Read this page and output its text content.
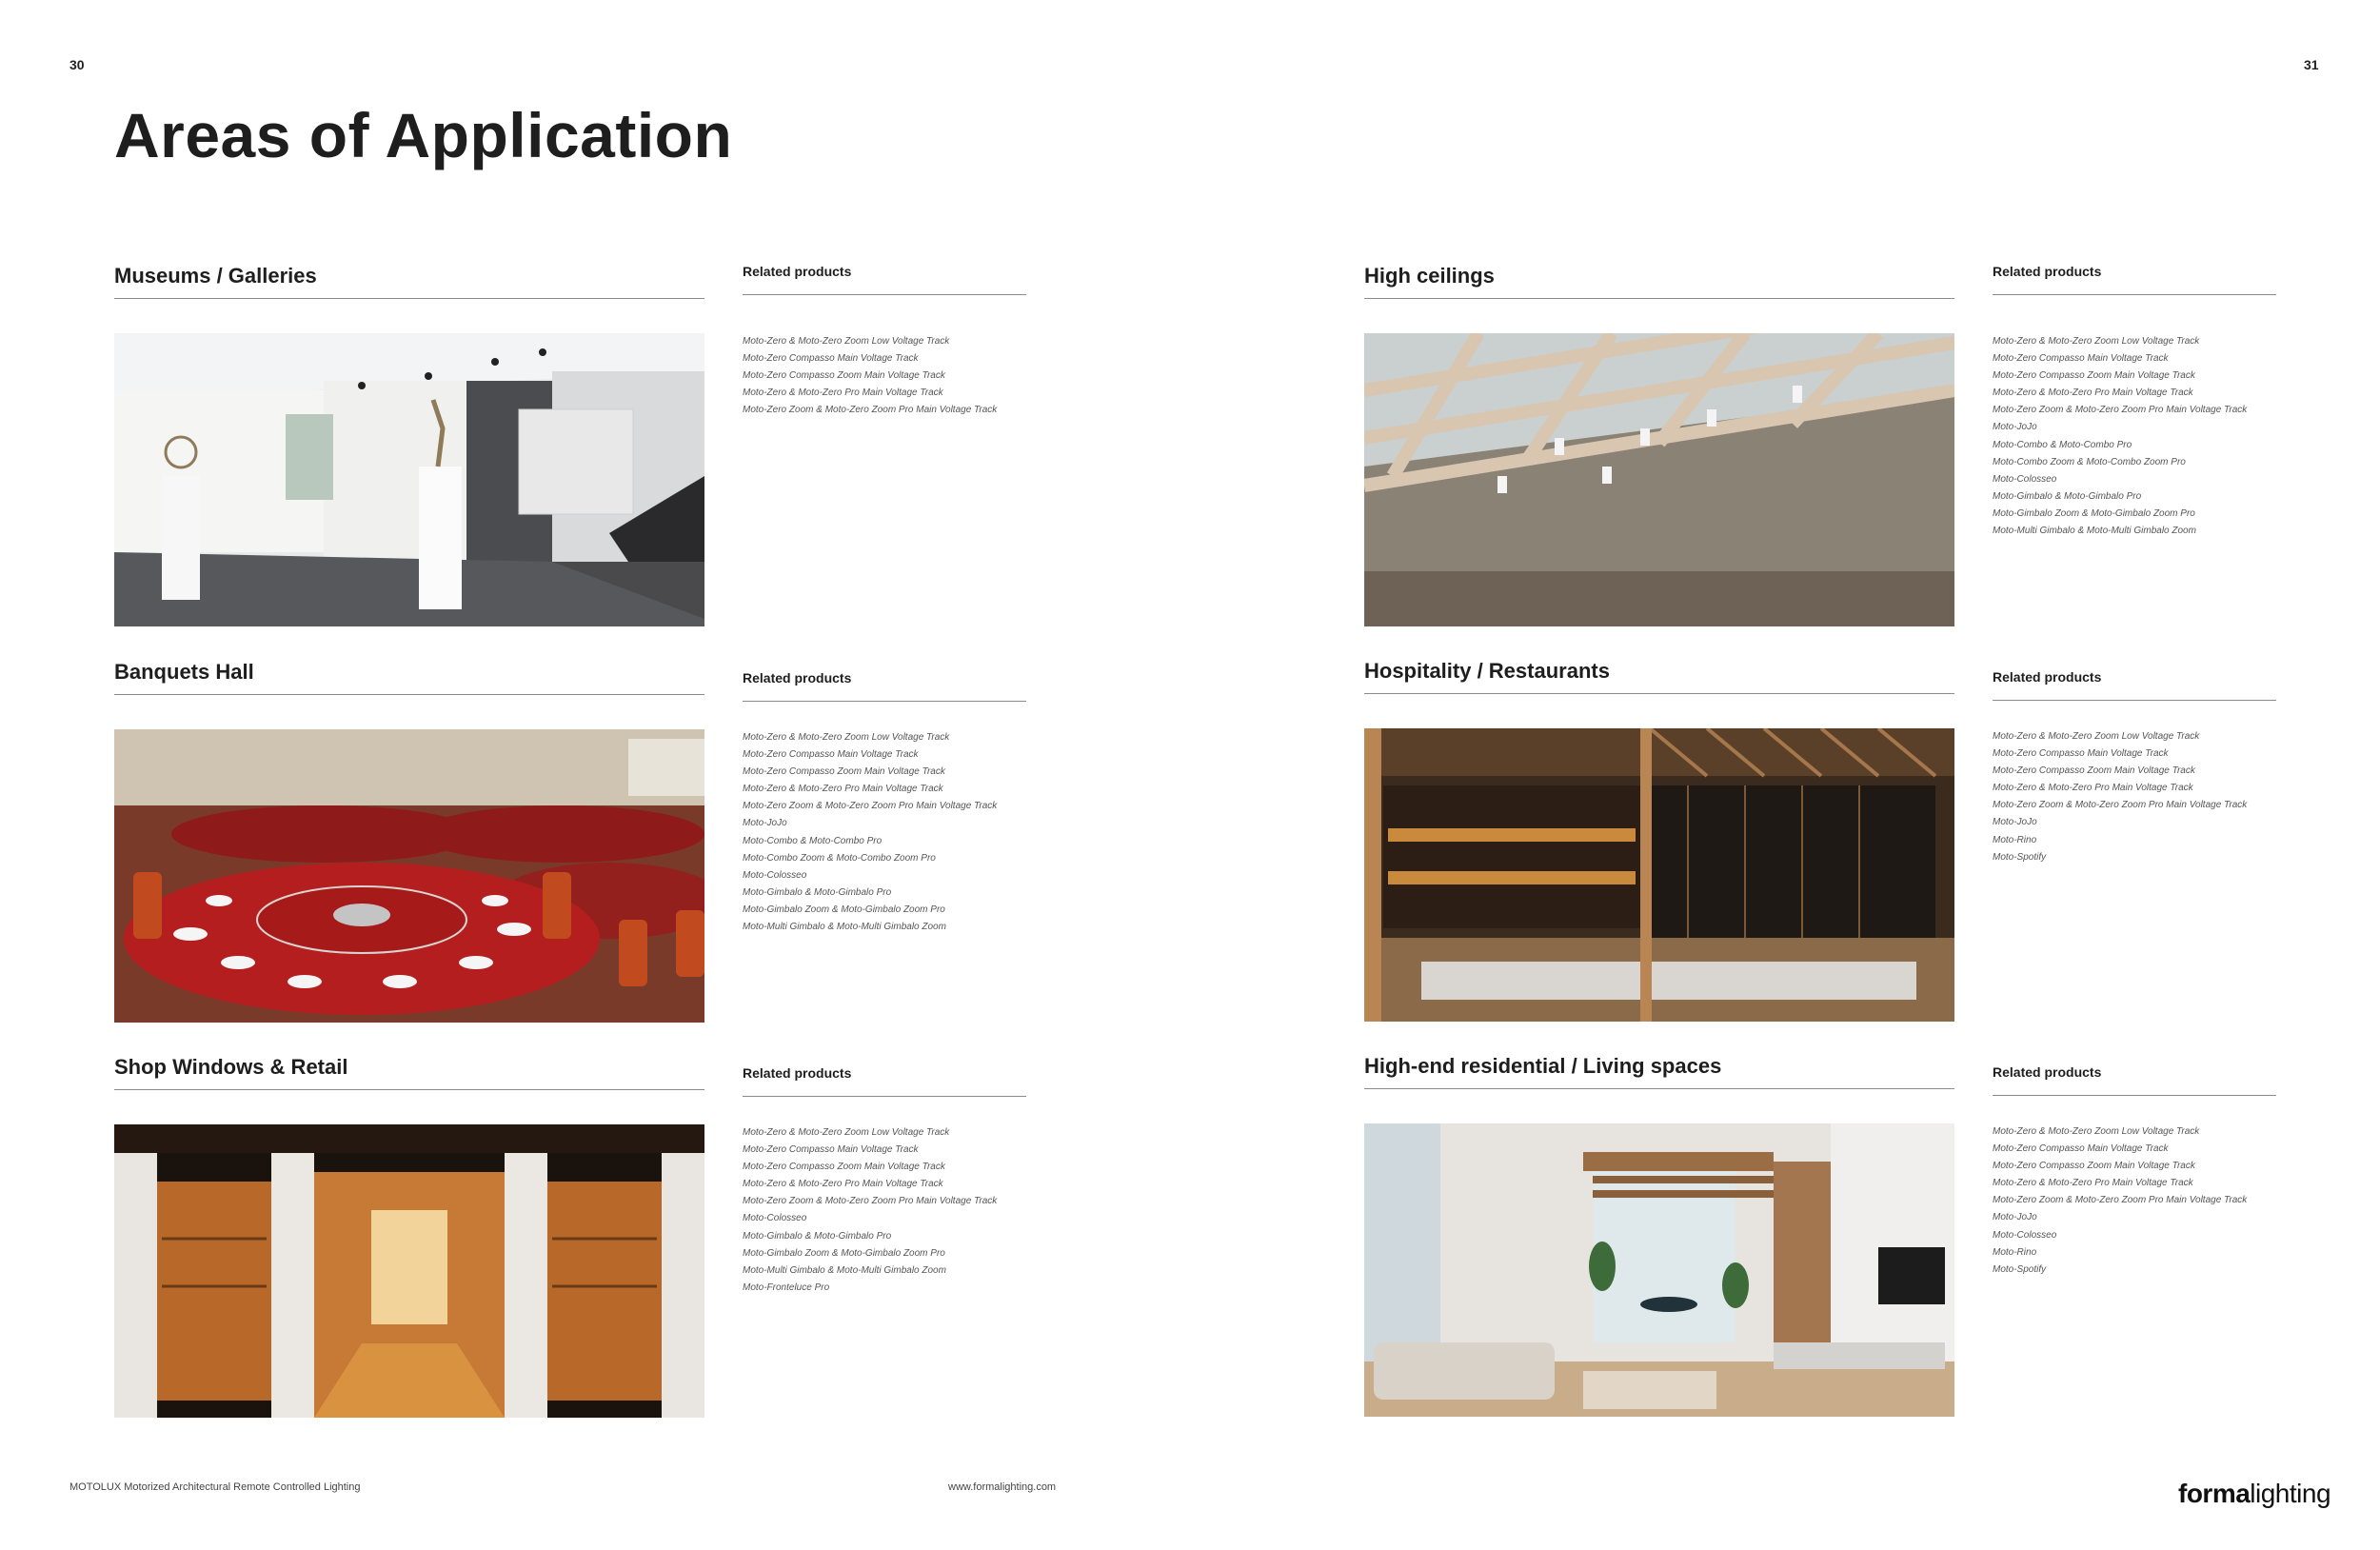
30	31
Areas of Application
Museums / Galleries	Related products
Moto-Zero & Moto-Zero Zoom Low Voltage Track
Moto-Zero Compasso Main Voltage Track
Moto-Zero Compasso Zoom Main Voltage Track
Moto-Zero & Moto-Zero Pro Main Voltage Track
Moto-Zero Zoom & Moto-Zero Zoom Pro Main Voltage Track
High ceilings	Related products
Moto-Zero & Moto-Zero Zoom Low Voltage Track
Moto-Zero Compasso Main Voltage Track
Moto-Zero Compasso Zoom Main Voltage Track
Moto-Zero & Moto-Zero Pro Main Voltage Track
Moto-Zero Zoom & Moto-Zero Zoom Pro Main Voltage Track
Moto-JoJo
Moto-Combo & Moto-Combo Pro
Moto-Combo Zoom & Moto-Combo Zoom Pro
Moto-Colosseo
Moto-Gimbalo & Moto-Gimbalo Pro
Moto-Gimbalo Zoom & Moto-Gimbalo Zoom Pro
Moto-Multi Gimbalo & Moto-Multi Gimbalo Zoom
Banquets Hall	Related products
Moto-Zero & Moto-Zero Zoom Low Voltage Track
Moto-Zero Compasso Main Voltage Track
Moto-Zero Compasso Zoom Main Voltage Track
Moto-Zero & Moto-Zero Pro Main Voltage Track
Moto-Zero Zoom & Moto-Zero Zoom Pro Main Voltage Track
Moto-JoJo
Moto-Combo & Moto-Combo Pro
Moto-Combo Zoom & Moto-Combo Zoom Pro
Moto-Colosseo
Moto-Gimbalo & Moto-Gimbalo Pro
Moto-Gimbalo Zoom & Moto-Gimbalo Zoom Pro
Moto-Multi Gimbalo & Moto-Multi Gimbalo Zoom
Hospitality / Restaurants	Related products
Moto-Zero & Moto-Zero Zoom Low Voltage Track
Moto-Zero Compasso Main Voltage Track
Moto-Zero Compasso Zoom Main Voltage Track
Moto-Zero & Moto-Zero Pro Main Voltage Track
Moto-Zero Zoom & Moto-Zero Zoom Pro Main Voltage Track
Moto-JoJo
Moto-Rino
Moto-Spotify
Shop Windows & Retail	Related products
Moto-Zero & Moto-Zero Zoom Low Voltage Track
Moto-Zero Compasso Main Voltage Track
Moto-Zero Compasso Zoom Main Voltage Track
Moto-Zero & Moto-Zero Pro Main Voltage Track
Moto-Zero Zoom & Moto-Zero Zoom Pro Main Voltage Track
Moto-Colosseo
Moto-Gimbalo & Moto-Gimbalo Pro
Moto-Gimbalo Zoom & Moto-Gimbalo Zoom Pro
Moto-Multi Gimbalo & Moto-Multi Gimbalo Zoom
Moto-Fronteluce Pro
High-end residential / Living spaces	Related products
Moto-Zero & Moto-Zero Zoom Low Voltage Track
Moto-Zero Compasso Main Voltage Track
Moto-Zero Compasso Zoom Main Voltage Track
Moto-Zero & Moto-Zero Pro Main Voltage Track
Moto-Zero Zoom & Moto-Zero Zoom Pro Main Voltage Track
Moto-JoJo
Moto-Colosseo
Moto-Rino
Moto-Spotify
MOTOLUX Motorized Architectural Remote Controlled Lighting	www.formalighting.com	formalighting
